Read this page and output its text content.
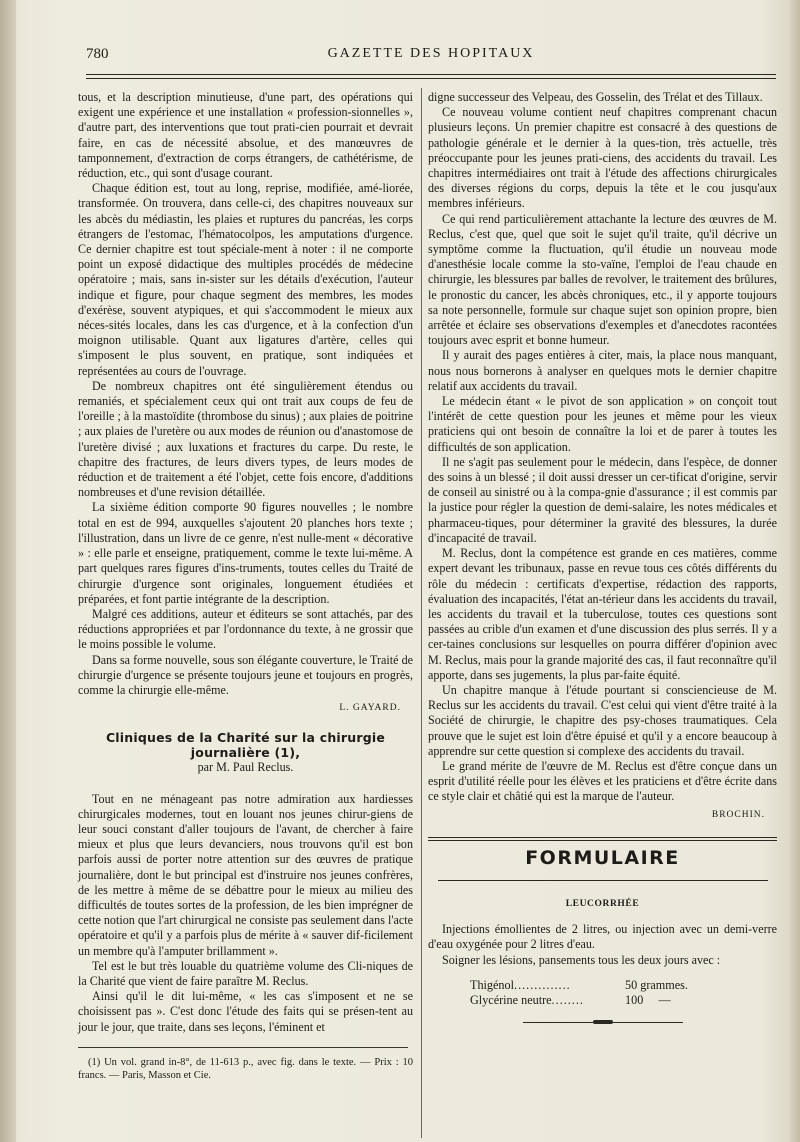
780	GAZETTE DES HOPITAUX

tous, et la description minutieuse, d'une part, des opérations qui exigent une expérience et une installation « profession-sionnelles », d'autre part, des interventions que tout prati-cien pourrait et devrait faire, en cas de nécessité absolue, et des manœuvres de tamponnement, d'extraction de corps étrangers, de cathétérisme, de réduction, etc., qui sont d'usage courant.

Chaque édition est, tout au long, reprise, modifiée, amé-liorée, transformée. On trouvera, dans celle-ci, des chapitres nouveaux sur les abcès du médiastin, les plaies et ruptures du pancréas, les corps étrangers de l'estomac, l'hématocolpos, les amputations d'urgence. Ce dernier chapitre est tout spéciale-ment à noter : il ne comporte point un exposé didactique des multiples procédés de médecine opératoire ; mais, sans in-sister sur les détails d'exécution, l'auteur indique et figure, pour chaque segment des membres, les modes d'exérèse, souvent atypiques, et qui s'accommodent le mieux aux néces-sités locales, dans les cas d'urgence, et à la confection d'un moignon utilisable. Quant aux ligatures d'artère, celles qui s'imposent le plus souvent, en pratique, sont indiquées et représentées au cours de l'ouvrage.

De nombreux chapitres ont été singulièrement étendus ou remaniés, et spécialement ceux qui ont trait aux coups de feu de l'oreille ; à la mastoïdite (thrombose du sinus) ; aux plaies de poitrine ; aux plaies de l'uretère ou aux modes de réunion ou d'anastomose de l'uretère divisé ; aux luxations et fractures du carpe. Du reste, le chapitre des fractures, de leurs divers types, de leurs modes de réduction et de traitement a été l'objet, cette fois encore, d'additions nombreuses et d'une revision détaillée.

La sixième édition comporte 90 figures nouvelles ; le nombre total en est de 994, auxquelles s'ajoutent 20 planches hors texte ; l'illustration, dans un livre de ce genre, n'est nulle-ment « décorative » : elle parle et enseigne, pratiquement, comme le texte lui-même. A part quelques rares figures d'ins-truments, toutes celles du Traité de chirurgie d'urgence sont originales, longuement étudiées et préparées, et font partie intégrante de la description.

Malgré ces additions, auteur et éditeurs se sont attachés, par des réductions appropriées et par l'ordonnance du texte, à ne grossir que le moins possible le volume.

Dans sa forme nouvelle, sous son élégante couverture, le Traité de chirurgie d'urgence se présente toujours jeune et toujours en progrès, comme la chirurgie elle-même.

L. GAYARD.
Cliniques de la Charité sur la chirurgie journalière (1),
par M. Paul Reclus.

Tout en ne ménageant pas notre admiration aux hardiesses chirurgicales modernes, tout en louant nos jeunes chirur-giens de leur souci constant d'aller toujours de l'avant, de chercher à faire mieux et plus que leurs devanciers, nous trouvons qu'il est bon parfois aussi de porter notre attention sur des œuvres de pratique journalière, dont le but principal est d'instruire nos jeunes confrères, de les mettre à même de se débattre pour le mieux au milieu des difficultés de toutes sortes de la profession, de les bien imprégner de cette notion que l'art chirurgical ne consiste pas seulement dans l'acte opératoire et qu'il y a parfois plus de mérite à « sauver dif-ficilement un membre qu'à l'amputer brillamment ».

Tel est le but très louable du quatrième volume des Cli-niques de la Charité que vient de faire paraître M. Reclus.

Ainsi qu'il le dit lui-même, « les cas s'imposent et ne se choisissent pas ». C'est donc l'étude des faits qui se présen-tent au jour le jour, que traite, dans ses leçons, l'éminent et

(1) Un vol. grand in-8°, de 11-613 p., avec fig. dans le texte. — Prix : 10 francs. — Paris, Masson et Cie.

digne successeur des Velpeau, des Gosselin, des Trélat et des Tillaux.

Ce nouveau volume contient neuf chapitres comprenant chacun plusieurs leçons. Un premier chapitre est consacré à des questions de pathologie générale et le dernier à la ques-tion, très actuelle, très préoccupante pour les jeunes prati-ciens, des accidents du travail. Les chapitres intermédiaires ont trait à l'étude des affections chirurgicales des diverses régions du corps, depuis la tête et le cou jusqu'aux membres inférieurs.

Ce qui rend particulièrement attachante la lecture des œuvres de M. Reclus, c'est que, quel que soit le sujet qu'il traite, qu'il décrive un symptôme comme la fluctuation, qu'il étudie un nouveau mode d'anesthésie locale comme la sto-vaïne, l'emploi de l'eau chaude en chirurgie, les blessures par balles de revolver, le traitement des brûlures, le pronostic du cancer, les abcès chroniques, etc., il y apporte toujours sa note personnelle, formule sur chaque sujet son opinion propre, bien arrêtée et éclaire ses observations d'exemples et d'anecdotes racontées toujours avec esprit et bonne humeur.

Il y aurait des pages entières à citer, mais, la place nous manquant, nous nous bornerons à analyser en quelques mots le dernier chapitre relatif aux accidents du travail.

Le médecin étant « le pivot de son application » on conçoit tout l'intérêt de cette question pour les jeunes et même pour les vieux praticiens qui ont besoin de connaître la loi et de parer à toutes les difficultés de son application.

Il ne s'agit pas seulement pour le médecin, dans l'espèce, de donner des soins à un blessé ; il doit aussi dresser un cer-tificat d'origine, servir de conseil au sinistré ou à la compa-gnie d'assurance ; il est commis par la justice pour régler la question de demi-salaire, les notes médicales et pharmaceu-tiques, pour déterminer la gravité des blessures, la durée d'incapacité de travail.

M. Reclus, dont la compétence est grande en ces matières, comme expert devant les tribunaux, passe en revue tous ces côtés différents du rôle du médecin : certificats d'expertise, rédaction des rapports, évaluation des incapacités, l'état an-térieur dans les accidents du travail, les accidents du travail et la tuberculose, toutes ces questions sont passées au crible d'un examen et d'une discussion des plus serrés. Il y a cer-taines conclusions sur lesquelles on pourra différer d'opinion avec M. Reclus, mais pour la grande majorité des cas, il faut reconnaître qu'il apporte, dans ses jugements, la plus par-faite équité.

Un chapitre manque à l'étude pourtant si consciencieuse de M. Reclus sur les accidents du travail. C'est celui qui vient d'être traité à la Société de chirurgie, le chapitre des psy-choses traumatiques. Cela prouve que le sujet est loin d'être épuisé et qu'il y a encore beaucoup à apprendre sur cette question si complexe des accidents du travail.

Le grand mérite de l'œuvre de M. Reclus est d'être conçue dans un esprit d'utilité réelle pour les élèves et les praticiens et d'être écrite dans ce style clair et châtié qui est la marque de l'auteur.

BROCHIN.
FORMULAIRE
LEUCORRHÉE

Injections émollientes de 2 litres, ou injection avec un demi-verre d'eau oxygénée pour 2 litres d'eau.

Soigner les lésions, pansements tous les deux jours avec :

Thigénol ..............	50 grammes.
Glycérine neutre ........	100     —
